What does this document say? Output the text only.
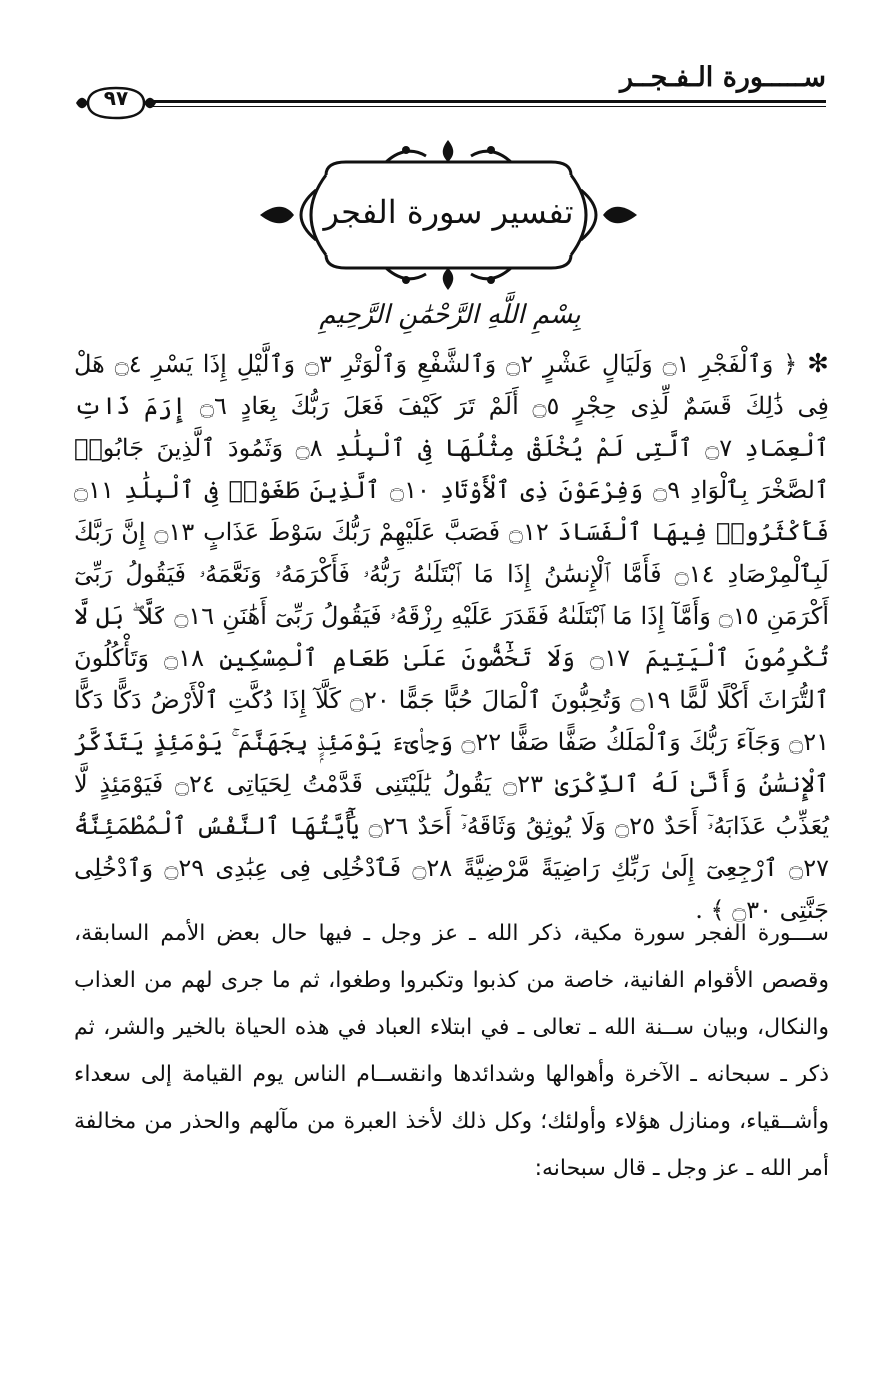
ســـــورة الـفـجــر
٩٧
تفسير سورة الفجر
بِسْمِ اللَّهِ الرَّحْمَٰنِ الرَّحِيمِ
✻ ﴿ وَٱلْفَجْرِ ۝١ وَلَيَالٍ عَشْرٍ ۝٢ وَٱلشَّفْعِ وَٱلْوَتْرِ ۝٣ وَٱلَّيْلِ إِذَا يَسْرِ ۝٤ هَلْ فِى ذَٰلِكَ قَسَمٌ لِّذِى حِجْرٍ ۝٥ أَلَمْ تَرَ كَيْفَ فَعَلَ رَبُّكَ بِعَادٍ ۝٦ إِرَمَ ذَاتِ ٱلْعِمَادِ ۝٧ ٱلَّتِى لَمْ يُخْلَقْ مِثْلُهَا فِى ٱلْبِلَٰدِ ۝٨ وَثَمُودَ ٱلَّذِينَ جَابُوا۟ ٱلصَّخْرَ بِٱلْوَادِ ۝٩ وَفِرْعَوْنَ ذِى ٱلْأَوْتَادِ ۝١٠ ٱلَّذِينَ طَغَوْا۟ فِى ٱلْبِلَٰدِ ۝١١ فَأَكْثَرُوا۟ فِيهَا ٱلْفَسَادَ ۝١٢ فَصَبَّ عَلَيْهِمْ رَبُّكَ سَوْطَ عَذَابٍ ۝١٣ إِنَّ رَبَّكَ لَبِٱلْمِرْصَادِ ۝١٤ فَأَمَّا ٱلْإِنسَٰنُ إِذَا مَا ٱبْتَلَىٰهُ رَبُّهُۥ فَأَكْرَمَهُۥ وَنَعَّمَهُۥ فَيَقُولُ رَبِّىٓ أَكْرَمَنِ ۝١٥ وَأَمَّآ إِذَا مَا ٱبْتَلَىٰهُ فَقَدَرَ عَلَيْهِ رِزْقَهُۥ فَيَقُولُ رَبِّىٓ أَهَٰنَنِ ۝١٦ كَلَّا ۖ بَل لَّا تُكْرِمُونَ ٱلْيَتِيمَ ۝١٧ وَلَا تَحَٰٓضُّونَ عَلَىٰ طَعَامِ ٱلْمِسْكِينِ ۝١٨ وَتَأْكُلُونَ ٱلتُّرَاثَ أَكْلًا لَّمًّا ۝١٩ وَتُحِبُّونَ ٱلْمَالَ حُبًّا جَمًّا ۝٢٠ كَلَّآ إِذَا دُكَّتِ ٱلْأَرْضُ دَكًّا دَكًّا ۝٢١ وَجَآءَ رَبُّكَ وَٱلْمَلَكُ صَفًّا صَفًّا ۝٢٢ وَجِا۟ىٓءَ يَوْمَئِذٍۭ بِجَهَنَّمَ ۚ يَوْمَئِذٍ يَتَذَكَّرُ ٱلْإِنسَٰنُ وَأَنَّىٰ لَهُ ٱلذِّكْرَىٰ ۝٢٣ يَقُولُ يَٰلَيْتَنِى قَدَّمْتُ لِحَيَاتِى ۝٢٤ فَيَوْمَئِذٍ لَّا يُعَذِّبُ عَذَابَهُۥٓ أَحَدٌ ۝٢٥ وَلَا يُوثِقُ وَثَاقَهُۥٓ أَحَدٌ ۝٢٦ يَٰٓأَيَّتُهَا ٱلنَّفْسُ ٱلْمُطْمَئِنَّةُ ۝٢٧ ٱرْجِعِىٓ إِلَىٰ رَبِّكِ رَاضِيَةً مَّرْضِيَّةً ۝٢٨ فَٱدْخُلِى فِى عِبَٰدِى ۝٢٩ وَٱدْخُلِى جَنَّتِى ۝٣٠ ﴾ .
ســـورة الفجر سورة مكية، ذكر الله ـ عز وجل ـ فيها حال بعض الأمم السابقة، وقصص الأقوام الفانية، خاصة من كذبوا وتكبروا وطغوا، ثم ما جرى لهم من العذاب والنكال، وبيان ســنة الله ـ تعالى ـ في ابتلاء العباد في هذه الحياة بالخير والشر، ثم ذكر ـ سبحانه ـ الآخرة وأهوالها وشدائدها وانقســام الناس يوم القيامة إلى سعداء وأشــقياء، ومنازل هؤلاء وأولئك؛ وكل ذلك لأخذ العبرة من مآلهم والحذر من مخالفة أمر الله ـ عز وجل ـ قال سبحانه:
